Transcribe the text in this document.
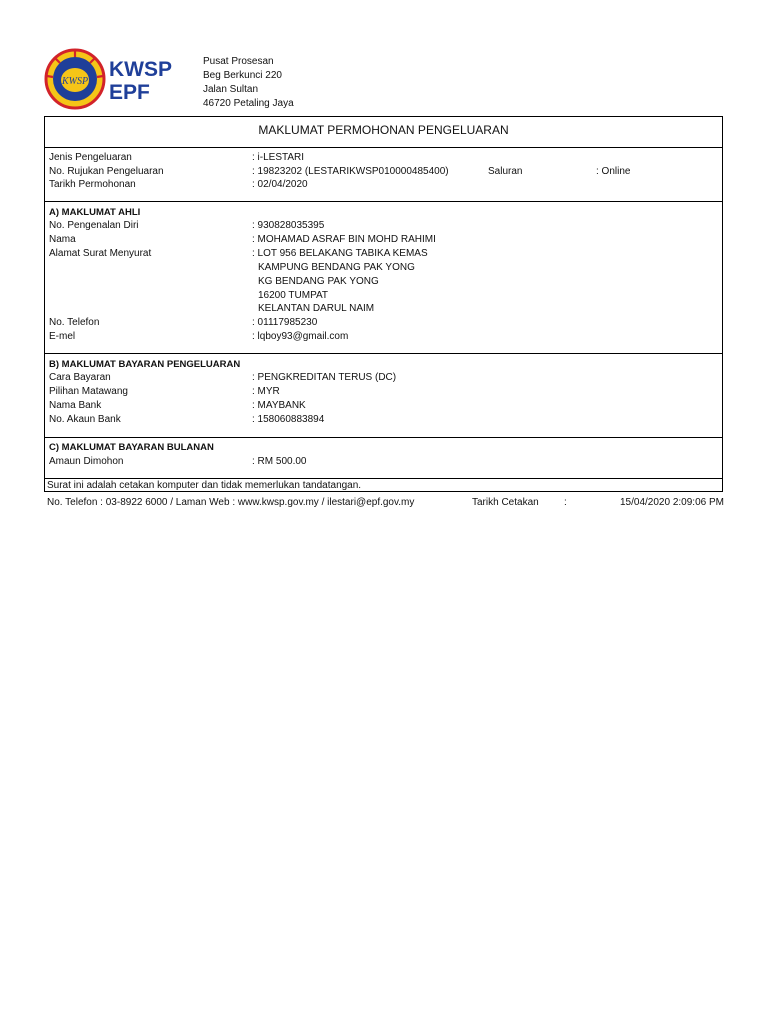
KWSP
KWSP
EPF
Pusat Prosesan
Beg Berkunci 220
Jalan Sultan
46720 Petaling Jaya
MAKLUMAT PERMOHONAN PENGELUARAN
Jenis Pengeluaran	: i-LESTARI
No. Rujukan Pengeluaran	: 19823202 (LESTARIKWSP010000485400)	Saluran	: Online
Tarikh Permohonan	: 02/04/2020
A) MAKLUMAT AHLI
No. Pengenalan Diri	: 930828035395
Nama	: MOHAMAD ASRAF BIN MOHD RAHIMI
Alamat Surat Menyurat	: LOT 956 BELAKANG TABIKA KEMAS
KAMPUNG BENDANG PAK YONG
KG BENDANG PAK YONG
16200 TUMPAT
KELANTAN DARUL NAIM
No. Telefon	: 01117985230
E-mel	: lqboy93@gmail.com
B) MAKLUMAT BAYARAN PENGELUARAN
Cara Bayaran	: PENGKREDITAN TERUS (DC)
Pilihan Matawang	: MYR
Nama Bank	: MAYBANK
No. Akaun Bank	: 158060883894
C) MAKLUMAT BAYARAN BULANAN
Amaun Dimohon	: RM 500.00
Surat ini adalah cetakan komputer dan tidak memerlukan tandatangan.
No. Telefon : 03-8922 6000 / Laman Web : www.kwsp.gov.my / ilestari@epf.gov.my	Tarikh Cetakan	:	15/04/2020 2:09:06 PM
